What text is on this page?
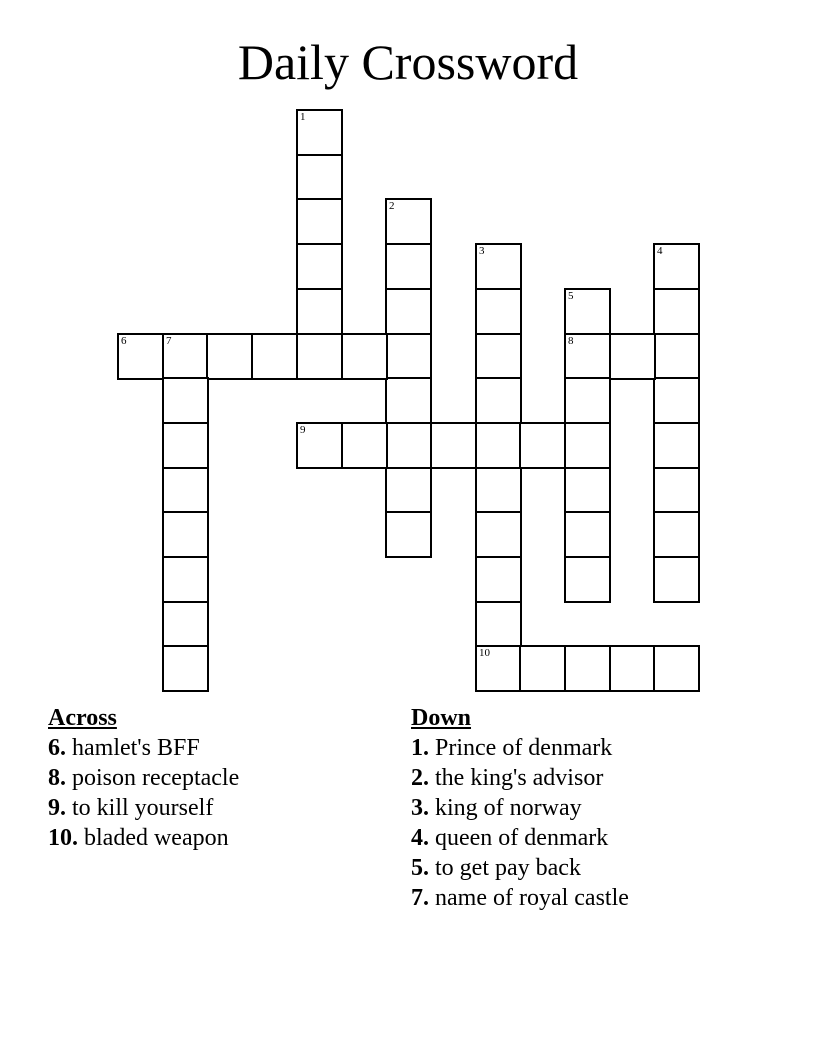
Daily Crossword
1
2
3
10
4
5
8
6	7
9
Across
6. hamlet's BFF
8. poison receptacle
9. to kill yourself
10. bladed weapon
Down
1. Prince of denmark
2. the king's advisor
3. king of norway
4. queen of denmark
5. to get pay back
7. name of royal castle
